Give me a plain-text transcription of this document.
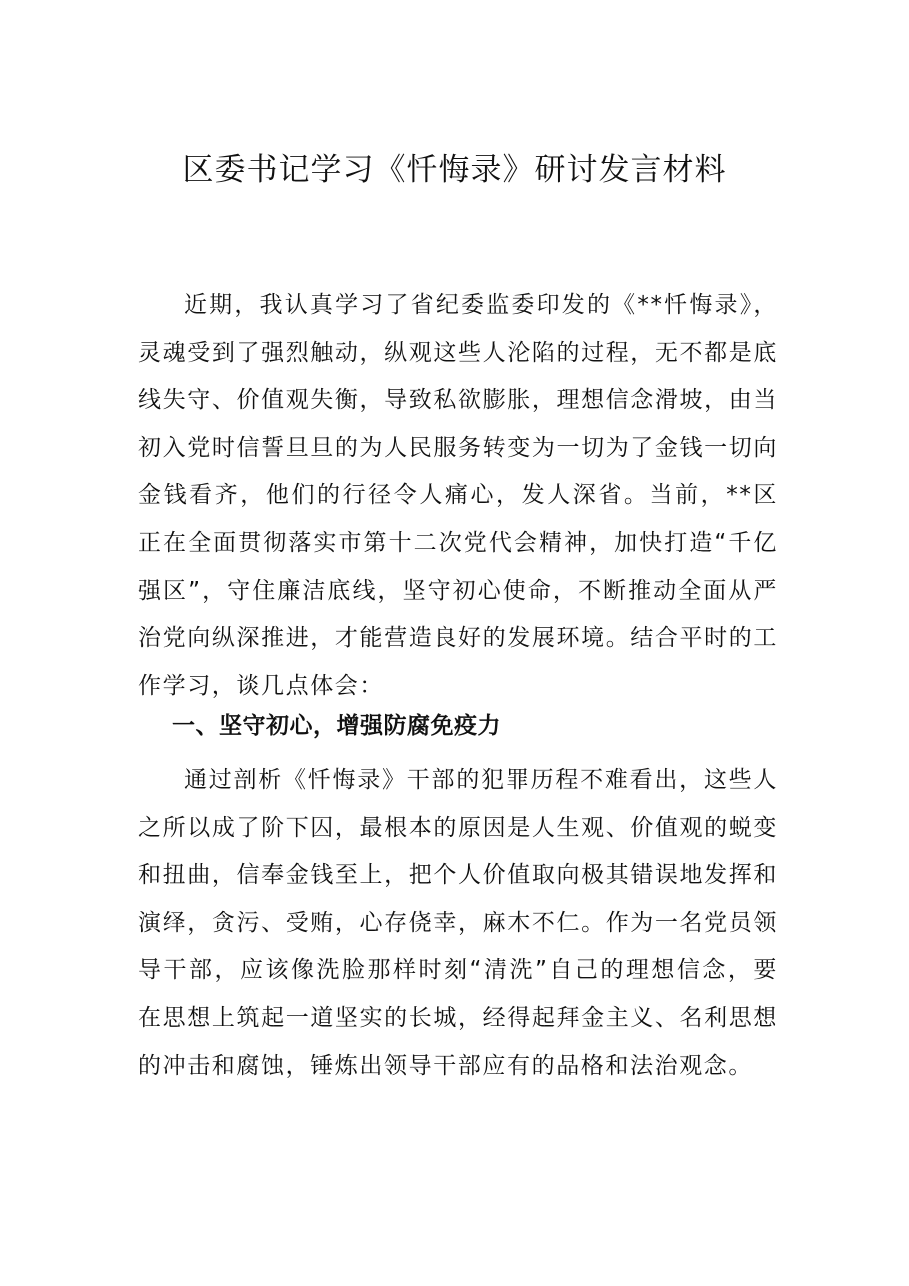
区委书记学习《忏悔录》研讨发言材料

近期，我认真学习了省纪委监委印发的《**忏悔录》，灵魂受到了强烈触动，纵观这些人沦陷的过程，无不都是底线失守、价值观失衡，导致私欲膨胀，理想信念滑坡，由当初入党时信誓旦旦的为人民服务转变为一切为了金钱一切向金钱看齐，他们的行径令人痛心，发人深省。当前，**区正在全面贯彻落实市第十二次党代会精神，加快打造“千亿强区”，守住廉洁底线，坚守初心使命，不断推动全面从严治党向纵深推进，才能营造良好的发展环境。结合平时的工作学习，谈几点体会：

一、坚守初心，增强防腐免疫力

通过剖析《忏悔录》干部的犯罪历程不难看出，这些人之所以成了阶下囚，最根本的原因是人生观、价值观的蜕变和扭曲，信奉金钱至上，把个人价值取向极其错误地发挥和演绎，贪污、受贿，心存侥幸，麻木不仁。作为一名党员领导干部，应该像洗脸那样时刻“清洗”自己的理想信念，要在思想上筑起一道坚实的长城，经得起拜金主义、名利思想的冲击和腐蚀，锤炼出领导干部应有的品格和法治观念。
